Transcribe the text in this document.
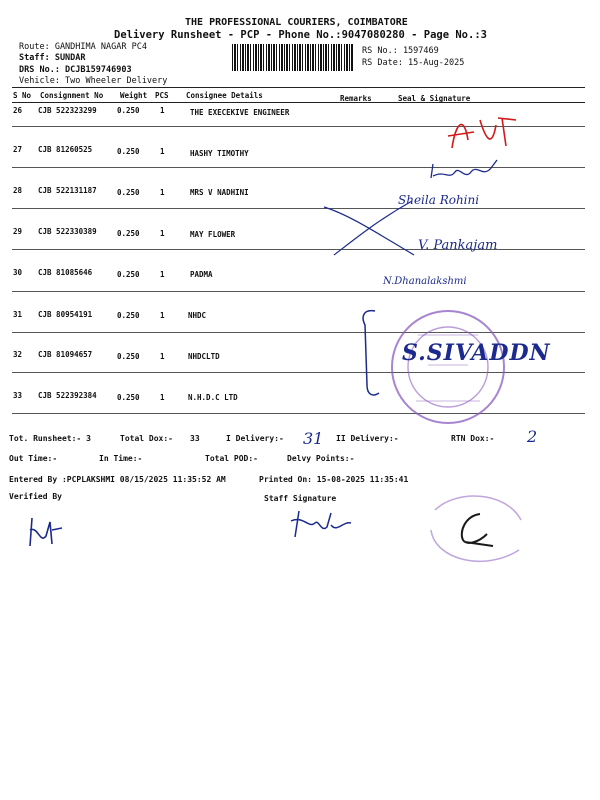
THE PROFESSIONAL COURIERS, COIMBATORE
Delivery Runsheet - PCP - Phone No.:9047080280 - Page No.:3
Route: GANDHIMA NAGAR PC4
Staff: SUNDAR
DRS No.: DCJB159746903
Vehicle: Two Wheeler Delivery
RS No.: 1597469
RS Date: 15-Aug-2025
S No Consignment No Weight PCS Consignee Details	Remarks	Seal & Signature
26 CJB 522323299	0.250	1	THE EXECEKIVE ENGINEER
27 CJB 81260525	0.250	1	HASHY TIMOTHY
28 CJB 522131187	0.250	1	MRS V NADHINI
29 CJB 522330389	0.250	1	MAY FLOWER
30 CJB 81085646	0.250	1	PADMA
31 CJB 80954191	0.250	1	NHDC
32 CJB 81094657	0.250	1	NHDCLTD
33 CJB 522392384	0.250	1	N.H.D.C LTD
Tot. Runsheet:- 3	Total Dox:- 33	I Delivery:-	II Delivery:-	RTN Dox:-
Out Time:-	In Time:-	Total POD:-	Delvy Points:-
Entered By :PCPLAKSHMI 08/15/2025 11:35:52 AM	Printed On: 15-08-2025 11:35:41
Verified By	Staff Signature
31	2
Sheila Rohini
V. Pankajam
N.Dhanalakshmi
S.SIVADDN
